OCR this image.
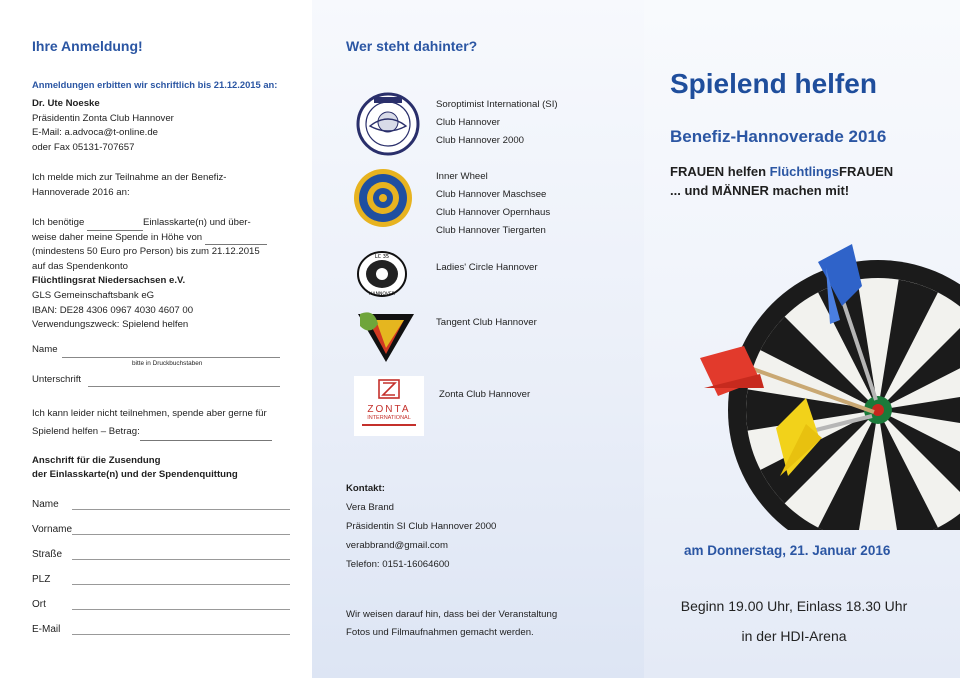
Ihre Anmeldung!
Anmeldungen erbitten wir schriftlich bis 21.12.2015 an:
Dr. Ute Noeske
Präsidentin Zonta Club Hannover
E-Mail: a.advoca@t-online.de
oder Fax 05131-707657
Ich melde mich zur Teilnahme an der Benefiz-
Hannoverade 2016 an:
Ich benötige	Einlasskarte(n) und über-
weise daher meine Spende in Höhe von
(mindestens 50 Euro pro Person) bis zum 21.12.2015
auf das Spendenkonto
Flüchtlingsrat Niedersachsen e.V.
GLS Gemeinschaftsbank eG
IBAN: DE28 4306 0967 4030 4607 00
Verwendungszweck: Spielend helfen
Name
bitte in Druckbuchstaben
Unterschrift
Ich kann leider nicht teilnehmen, spende aber gerne für
Spielend helfen – Betrag:
Anschrift für die Zusendung
der Einlasskarte(n) und der Spendenquittung
Name
Vorname
Straße
PLZ
Ort
E-Mail
Wer steht dahinter?
Soroptimist International (SI)
Club Hannover
Club Hannover 2000
Inner Wheel
Club Hannover Maschsee
Club Hannover Opernhaus
Club Hannover Tiergarten
LC 35
HANNOVER
Ladies' Circle Hannover
Tangent Club Hannover
ZONTA
INTERNATIONAL
Zonta Club Hannover
Kontakt:
Vera Brand
Präsidentin SI Club Hannover 2000
verabbrand@gmail.com
Telefon: 0151-16064600
Wir weisen darauf hin, dass bei der Veranstaltung
Fotos und Filmaufnahmen gemacht werden.
Spielend helfen
Benefiz-Hannoverade 2016
FRAUEN helfen FlüchtlingsFRAUEN
... und MÄNNER machen mit!
am Donnerstag, 21. Januar 2016
Beginn 19.00 Uhr, Einlass 18.30 Uhr
in der HDI-Arena
